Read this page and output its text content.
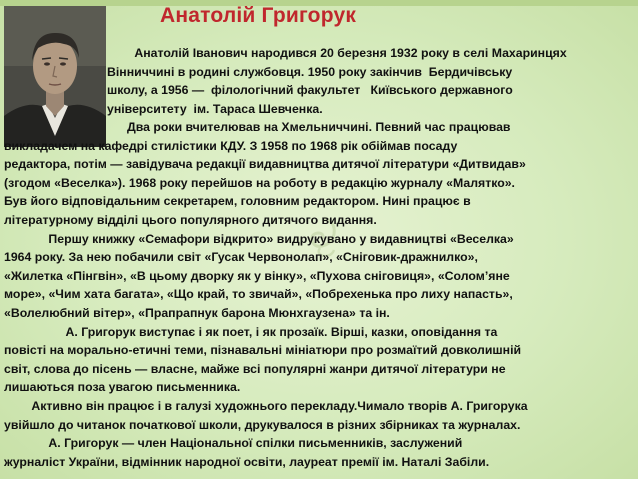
Анатолій Григорук

Анатолій Іванович народився 20 березня 1932 року в селі Махаринцях
Вінниччині в родині службовця. 1950 року закінчив  Бердичівську
школу, а 1956 —  філологічний факультет   Київського державного
університету  ім. Тараса Шевченка.

Два роки вчителював на Хмельниччині. Певний час працював
викладачем на кафедрі стилістики КДУ. З 1958 по 1968 рік обіймав посаду
редактора, потім — завідувача редакції видавництва дитячої літератури «Дитвидав»
(згодом «Веселка»). 1968 року перейшов на роботу в редакцію журналу «Малятко».
Був його відповідальним секретарем, головним редактором. Нині працює в
літературному відділі цього популярного дитячого видання.
Першу книжку «Семафори відкрито» видрукувано у видавництві «Веселка»
1964 року. За нею побачили світ «Гусак Червонолап», «Сніговик-дражнилко»,
«Жилетка «Пінгвін», «В цьому дворку як у вінку», «Пухова сніговиця», «Солом’яне
море», «Чим хата багата», «Що край, то звичай», «Побрехенька про лиху напасть»,
«Волелюбний вітер», «Прапрапнук барона Мюнхгаузена» та ін.
А. Григорук виступає і як поет, і як прозаїк. Вірші, казки, оповідання та
повісті на морально-етичні теми, пізнавальні мініатюри про розмаїтий довколишній
світ, слова до пісень — власне, майже всі популярні жанри дитячої літератури не
лишаються поза увагою письменника.
Активно він працює і в галузі художнього перекладу.Чимало творів А. Григорука
увійшло до читанок початкової школи, друкувалося в різних збірниках та журналах.
А. Григорук — член Національної спілки письменників, заслужений
журналіст України, відмінник народної освіти, лауреат премії ім. Наталі Забіли.
